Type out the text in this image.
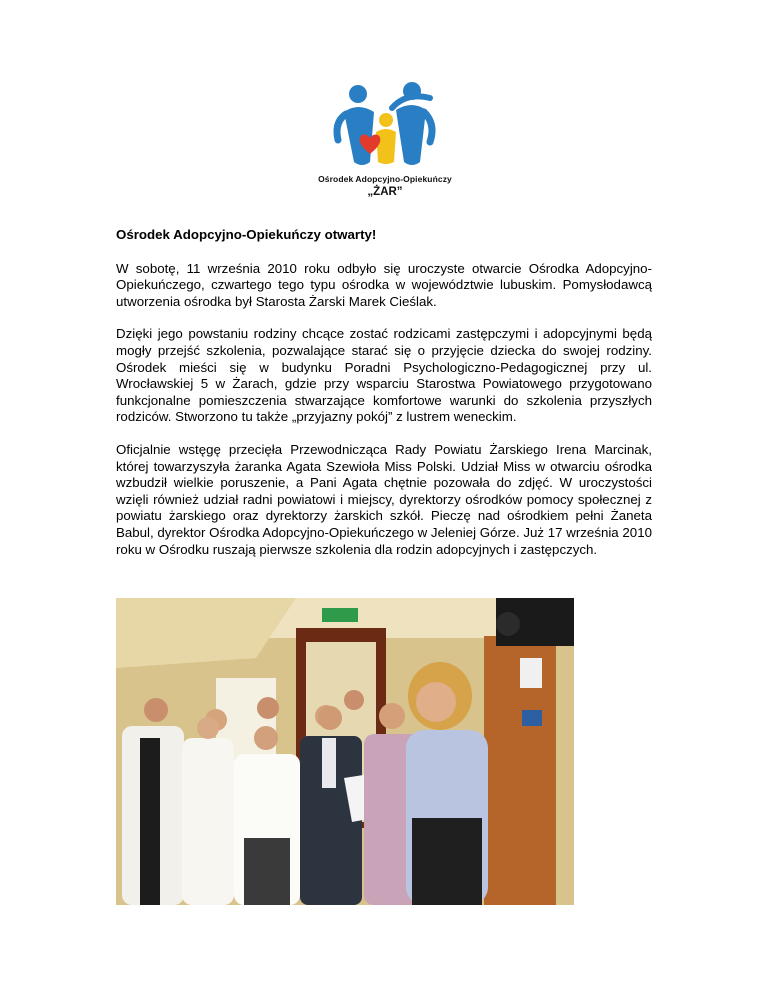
Ośrodek Adopcyjno-Opiekuńczy
„ŻAR”
Ośrodek Adopcyjno-Opiekuńczy otwarty!

W sobotę, 11 września 2010 roku odbyło się uroczyste otwarcie Ośrodka Adopcyjno-Opiekuńczego, czwartego tego typu ośrodka w województwie lubuskim. Pomysłodawcą utworzenia ośrodka był Starosta Żarski Marek Cieślak.

Dzięki jego powstaniu rodziny chcące zostać rodzicami zastępczymi i adopcyjnymi będą mogły przejść szkolenia, pozwalające starać się o przyjęcie dziecka do swojej rodziny. Ośrodek mieści się w budynku Poradni Psychologiczno-Pedagogicznej przy ul. Wrocławskiej 5 w Żarach, gdzie przy wsparciu Starostwa Powiatowego przygotowano funkcjonalne pomieszczenia stwarzające komfortowe warunki do szkolenia przyszłych rodziców. Stworzono tu także „przyjazny pokój” z lustrem weneckim.

Oficjalnie wstęgę przecięła Przewodnicząca Rady Powiatu Żarskiego Irena Marcinak, której towarzyszyła żaranka Agata Szewioła Miss Polski. Udział Miss w otwarciu ośrodka wzbudził wielkie poruszenie, a Pani Agata chętnie pozowała do zdjęć. W uroczystości wzięli również udział radni powiatowi i miejscy, dyrektorzy ośrodków pomocy społecznej z powiatu żarskiego oraz dyrektorzy żarskich szkół. Pieczę nad ośrodkiem pełni Żaneta Babul, dyrektor Ośrodka Adopcyjno-Opiekuńczego w Jeleniej Górze. Już 17 września 2010 roku w Ośrodku ruszają pierwsze szkolenia dla rodzin adopcyjnych i zastępczych.
